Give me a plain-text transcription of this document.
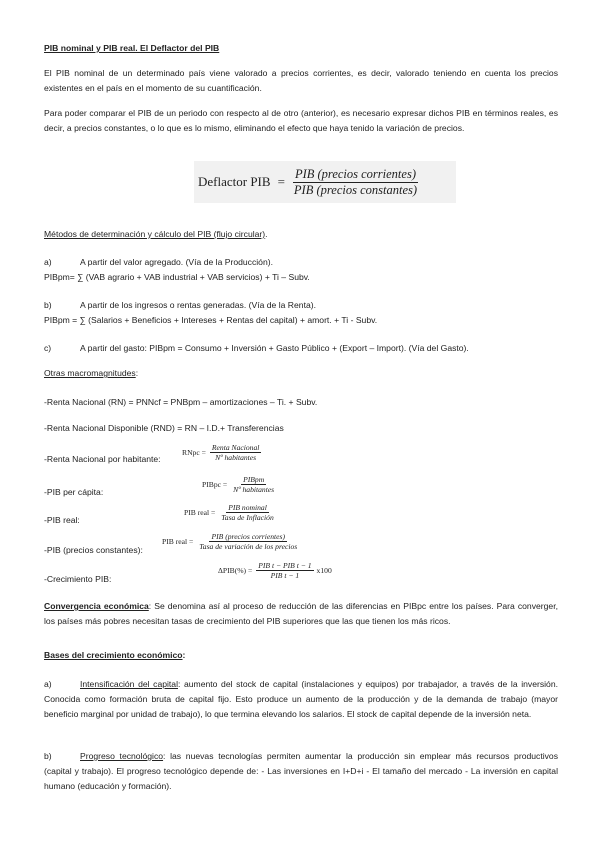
PIB nominal y PIB real. El Deflactor del PIB
El PIB nominal de un determinado país viene valorado a precios corrientes, es decir, valorado teniendo en cuenta los precios existentes en el país en el momento de su cuantificación.
Para poder comparar el PIB de un periodo con respecto al de otro (anterior), es necesario expresar dichos PIB en términos reales, es decir, a precios constantes, o lo que es lo mismo, eliminando el efecto que haya tenido la variación de precios.
Deflactor PIB = $\frac{\text{PIB (precios corrientes)}}{\text{PIB (precios constantes)}}$
Métodos de determinación y cálculo del PIB (flujo circular).
a)	A partir del valor agregado. (Vía de la Producción).
PIBpm= ∑ (VAB agrario + VAB industrial + VAB servicios) + Ti – Subv.
b)	A partir de los ingresos o rentas generadas. (Vía de la Renta).
PIBpm = ∑ (Salarios + Beneficios + Intereses + Rentas del capital) + amort. + Ti - Subv.
c)	A partir del gasto: PIBpm = Consumo + Inversión + Gasto Público + (Export – Import). (Vía del Gasto).
Otras macromagnitudes:
-Renta Nacional (RN) = PNNcf = PNBpm – amortizaciones – Ti. + Subv.
-Renta Nacional Disponible (RND) = RN – I.D.+ Transferencias
-Renta Nacional por habitante:
RNpc = $\frac{\text{Renta Nacional}}{\text{Nº habitantes}}$
-PIB per cápita:
PIBpc = $\frac{\text{PIBpm}}{\text{Nº habitantes}}$
-PIB real:
PIB real = $\frac{\text{PIB nominal}}{\text{Tasa de Inflación}}$
-PIB (precios constantes):
PIB real = $\frac{\text{PIB (precios corrientes)}}{\text{Tasa de variación de los precios}}$
-Crecimiento PIB:
$\Delta PIB(\%) = \frac{\text{PIB t − PIB t − 1}}{\text{PIB t − 1}} x100$
Convergencia económica: Se denomina así al proceso de reducción de las diferencias en PIBpc entre los países. Para converger, los países más pobres necesitan tasas de crecimiento del PIB superiores que las que tienen los más ricos.
Bases del crecimiento económico:
a)	Intensificación del capital: aumento del stock de capital (instalaciones y equipos) por trabajador, a través de la inversión. Conocida como formación bruta de capital fijo. Esto produce un aumento de la producción y de la demanda de trabajo (mayor beneficio marginal por unidad de trabajo), lo que termina elevando los salarios. El stock de capital depende de la inversión neta.
b)	Progreso tecnológico: las nuevas tecnologías permiten aumentar la producción sin emplear más recursos productivos (capital y trabajo). El progreso tecnológico depende de: - Las inversiones en I+D+i - El tamaño del mercado - La inversión en capital humano (educación y formación).
